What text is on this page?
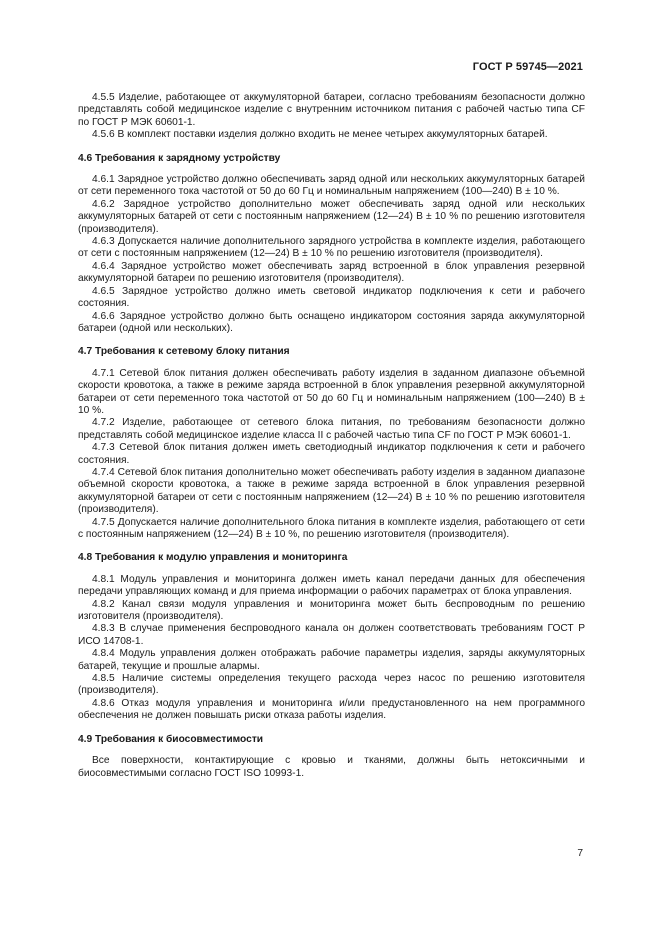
ГОСТ Р 59745—2021

4.5.5 Изделие, работающее от аккумуляторной батареи, согласно требованиям безопасности должно представлять собой медицинское изделие с внутренним источником питания с рабочей частью типа CF по ГОСТ Р МЭК 60601-1.

4.5.6 В комплект поставки изделия должно входить не менее четырех аккумуляторных батарей.

4.6 Требования к зарядному устройству

4.6.1 Зарядное устройство должно обеспечивать заряд одной или нескольких аккумуляторных батарей от сети переменного тока частотой от 50 до 60 Гц и номинальным напряжением (100—240) В ± 10 %.

4.6.2 Зарядное устройство дополнительно может обеспечивать заряд одной или нескольких аккумуляторных батарей от сети с постоянным напряжением (12—24) В ± 10 % по решению изготовителя (производителя).

4.6.3 Допускается наличие дополнительного зарядного устройства в комплекте изделия, работающего от сети с постоянным напряжением (12—24) В ± 10 % по решению изготовителя (производителя).

4.6.4 Зарядное устройство может обеспечивать заряд встроенной в блок управления резервной аккумуляторной батареи по решению изготовителя (производителя).

4.6.5 Зарядное устройство должно иметь световой индикатор подключения к сети и рабочего состояния.

4.6.6 Зарядное устройство должно быть оснащено индикатором состояния заряда аккумуляторной батареи (одной или нескольких).

4.7 Требования к сетевому блоку питания

4.7.1 Сетевой блок питания должен обеспечивать работу изделия в заданном диапазоне объемной скорости кровотока, а также в режиме заряда встроенной в блок управления резервной аккумуляторной батареи от сети переменного тока частотой от 50 до 60 Гц и номинальным напряжением (100—240) В ± 10 %.

4.7.2 Изделие, работающее от сетевого блока питания, по требованиям безопасности должно представлять собой медицинское изделие класса II с рабочей частью типа CF по ГОСТ Р МЭК 60601-1.

4.7.3 Сетевой блок питания должен иметь светодиодный индикатор подключения к сети и рабочего состояния.

4.7.4 Сетевой блок питания дополнительно может обеспечивать работу изделия в заданном диапазоне объемной скорости кровотока, а также в режиме заряда встроенной в блок управления резервной аккумуляторной батареи от сети с постоянным напряжением (12—24) В ± 10 % по решению изготовителя (производителя).

4.7.5 Допускается наличие дополнительного блока питания в комплекте изделия, работающего от сети с постоянным напряжением (12—24) В ± 10 %, по решению изготовителя (производителя).

4.8 Требования к модулю управления и мониторинга

4.8.1 Модуль управления и мониторинга должен иметь канал передачи данных для обеспечения передачи управляющих команд и для приема информации о рабочих параметрах от блока управления.

4.8.2 Канал связи модуля управления и мониторинга может быть беспроводным по решению изготовителя (производителя).

4.8.3 В случае применения беспроводного канала он должен соответствовать требованиям ГОСТ Р ИСО 14708-1.

4.8.4 Модуль управления должен отображать рабочие параметры изделия, заряды аккумуляторных батарей, текущие и прошлые алармы.

4.8.5 Наличие системы определения текущего расхода через насос по решению изготовителя (производителя).

4.8.6 Отказ модуля управления и мониторинга и/или предустановленного на нем программного обеспечения не должен повышать риски отказа работы изделия.

4.9 Требования к биосовместимости

Все поверхности, контактирующие с кровью и тканями, должны быть нетоксичными и биосовместимыми согласно ГОСТ ISO 10993-1.

7
